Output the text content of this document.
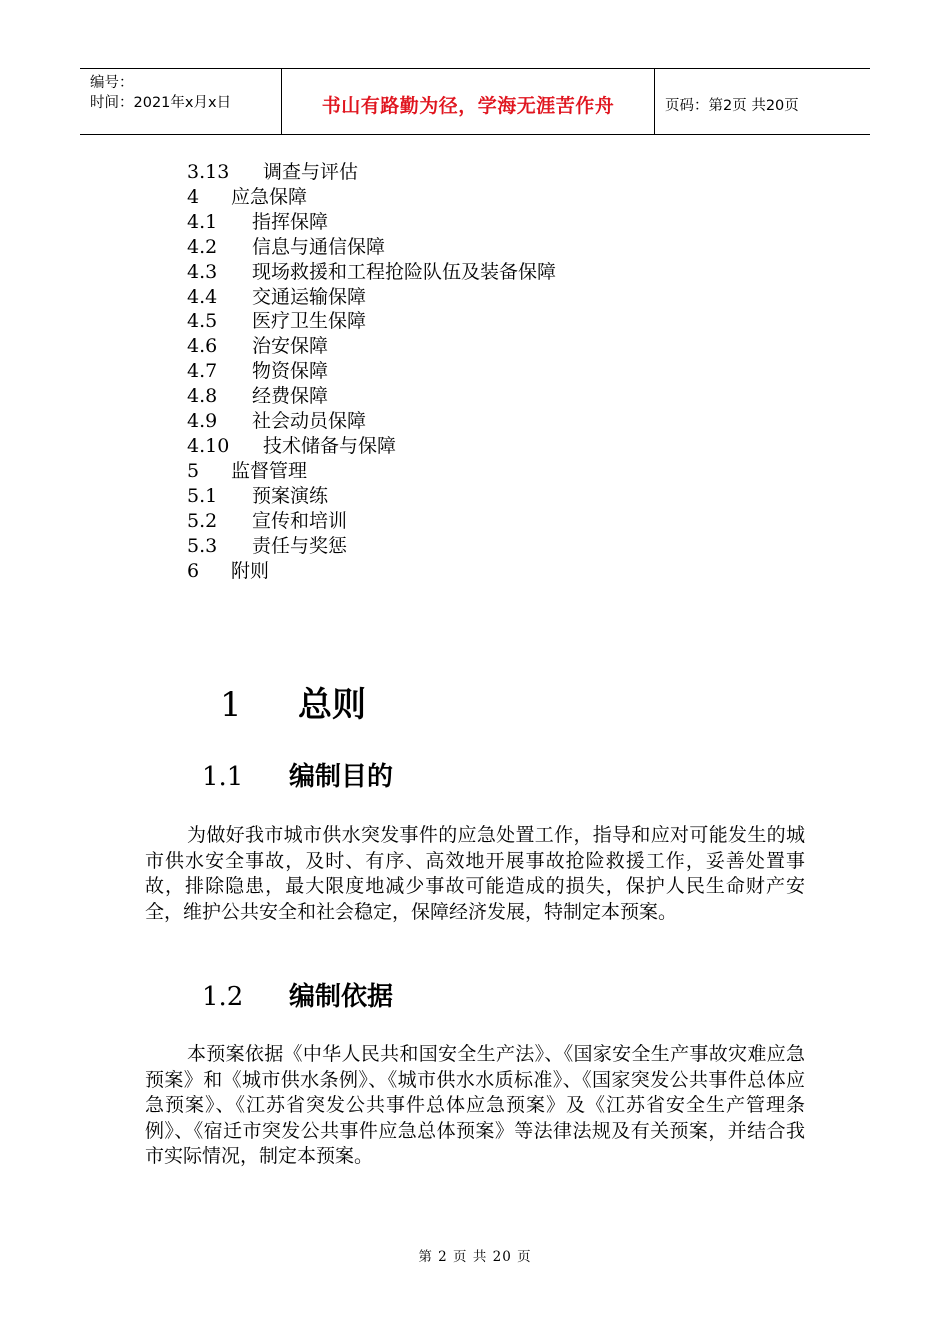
编号：
时间：2021年x月x日	书山有路勤为径，学海无涯苦作舟	页码：第2页 共20页
3.13 调查与评估
4 应急保障
4.1 指挥保障
4.2 信息与通信保障
4.3 现场救援和工程抢险队伍及装备保障
4.4 交通运输保障
4.5 医疗卫生保障
4.6 治安保障
4.7 物资保障
4.8 经费保障
4.9 社会动员保障
4.10 技术储备与保障
5 监督管理
5.1 预案演练
5.2 宣传和培训
5.3 责任与奖惩
6 附则
1 总则
1.1 编制目的
为做好我市城市供水突发事件的应急处置工作，指导和应对可能发生的城市供水安全事故，及时、有序、高效地开展事故抢险救援工作，妥善处置事故，排除隐患，最大限度地减少事故可能造成的损失，保护人民生命财产安全，维护公共安全和社会稳定，保障经济发展，特制定本预案。
1.2 编制依据
本预案依据《中华人民共和国安全生产法》、《国家安全生产事故灾难应急预案》和《城市供水条例》、《城市供水水质标准》、《国家突发公共事件总体应急预案》、《江苏省突发公共事件总体应急预案》及《江苏省安全生产管理条例》、《宿迁市突发公共事件应急总体预案》等法律法规及有关预案，并结合我市实际情况，制定本预案。
第 2 页 共 20 页
